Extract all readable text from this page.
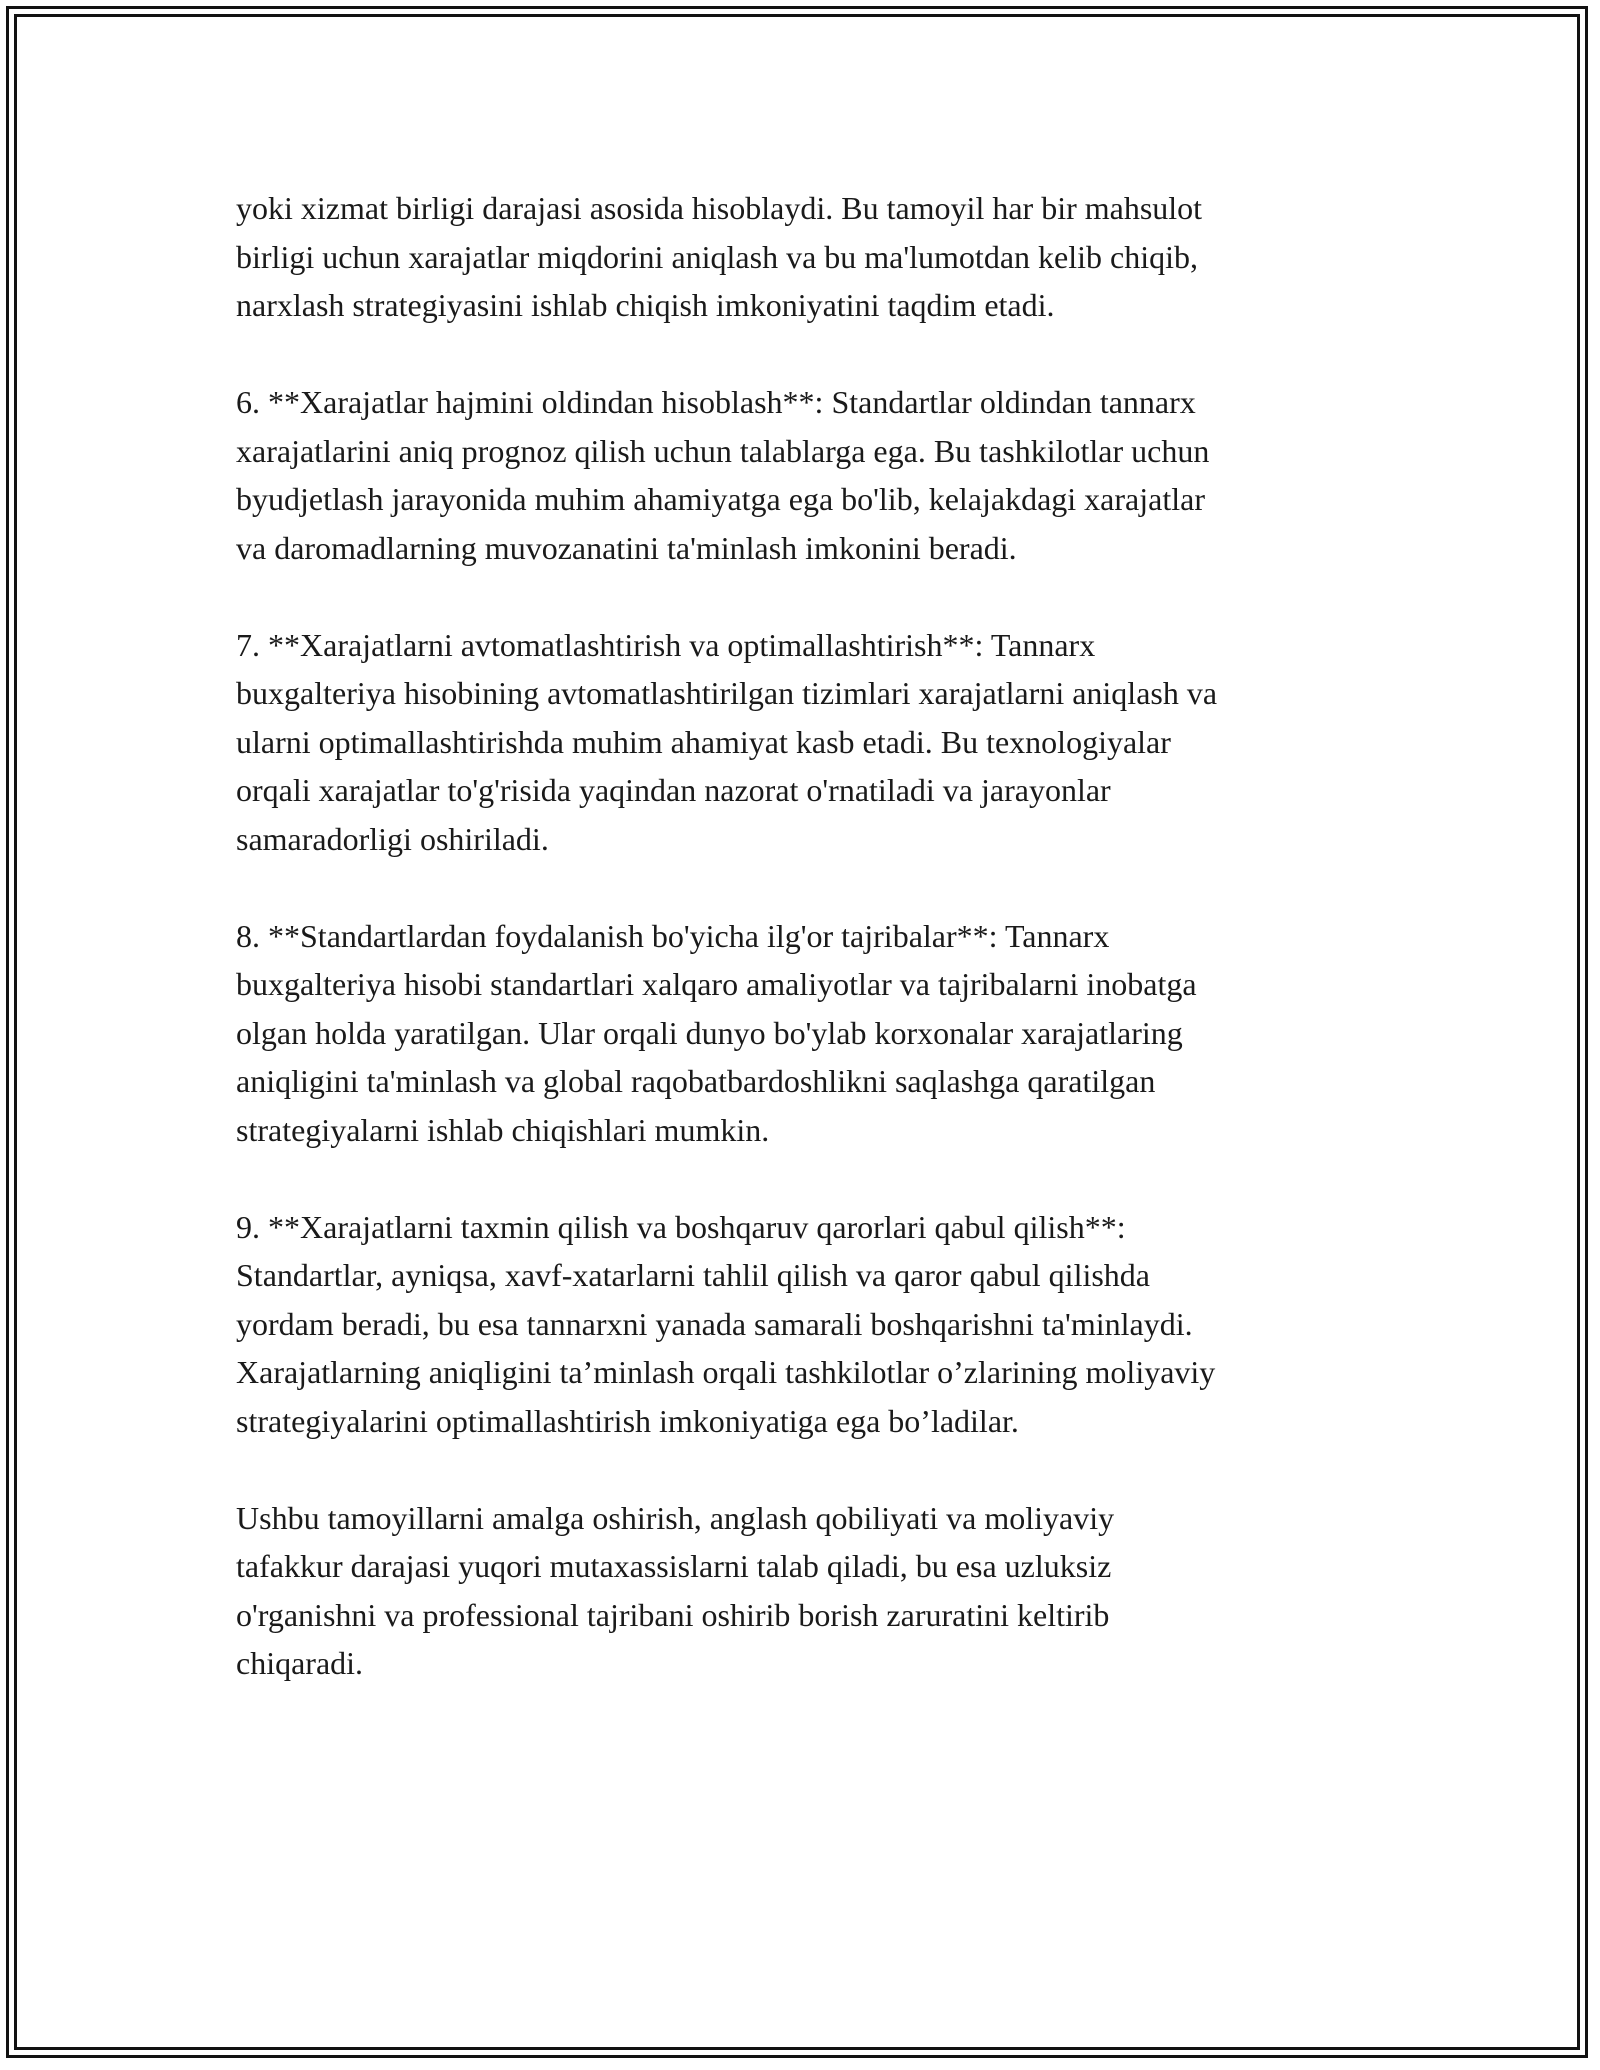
yoki xizmat birligi darajasi asosida hisoblaydi. Bu tamoyil har bir mahsulot
birligi uchun xarajatlar miqdorini aniqlash va bu ma'lumotdan kelib chiqib,
narxlash strategiyasini ishlab chiqish imkoniyatini taqdim etadi.

6. **Xarajatlar hajmini oldindan hisoblash**: Standartlar oldindan tannarx
xarajatlarini aniq prognoz qilish uchun talablarga ega. Bu tashkilotlar uchun
byudjetlash jarayonida muhim ahamiyatga ega bo'lib, kelajakdagi xarajatlar
va daromadlarning muvozanatini ta'minlash imkonini beradi.

7. **Xarajatlarni avtomatlashtirish va optimallashtirish**: Tannarx
buxgalteriya hisobining avtomatlashtirilgan tizimlari xarajatlarni aniqlash va
ularni optimallashtirishda muhim ahamiyat kasb etadi. Bu texnologiyalar
orqali xarajatlar to'g'risida yaqindan nazorat o'rnatiladi va jarayonlar
samaradorligi oshiriladi.

8. **Standartlardan foydalanish bo'yicha ilg'or tajribalar**: Tannarx
buxgalteriya hisobi standartlari xalqaro amaliyotlar va tajribalarni inobatga
olgan holda yaratilgan. Ular orqali dunyo bo'ylab korxonalar xarajatlaring
aniqligini ta'minlash va global raqobatbardoshlikni saqlashga qaratilgan
strategiyalarni ishlab chiqishlari mumkin.

9. **Xarajatlarni taxmin qilish va boshqaruv qarorlari qabul qilish**:
Standartlar, ayniqsa, xavf-xatarlarni tahlil qilish va qaror qabul qilishda
yordam beradi, bu esa tannarxni yanada samarali boshqarishni ta'minlaydi.
Xarajatlarning aniqligini ta’minlash orqali tashkilotlar o’zlarining moliyaviy
strategiyalarini optimallashtirish imkoniyatiga ega bo’ladilar.

Ushbu tamoyillarni amalga oshirish, anglash qobiliyati va moliyaviy
tafakkur darajasi yuqori mutaxassislarni talab qiladi, bu esa uzluksiz
o'rganishni va professional tajribani oshirib borish zaruratini keltirib
chiqaradi.
